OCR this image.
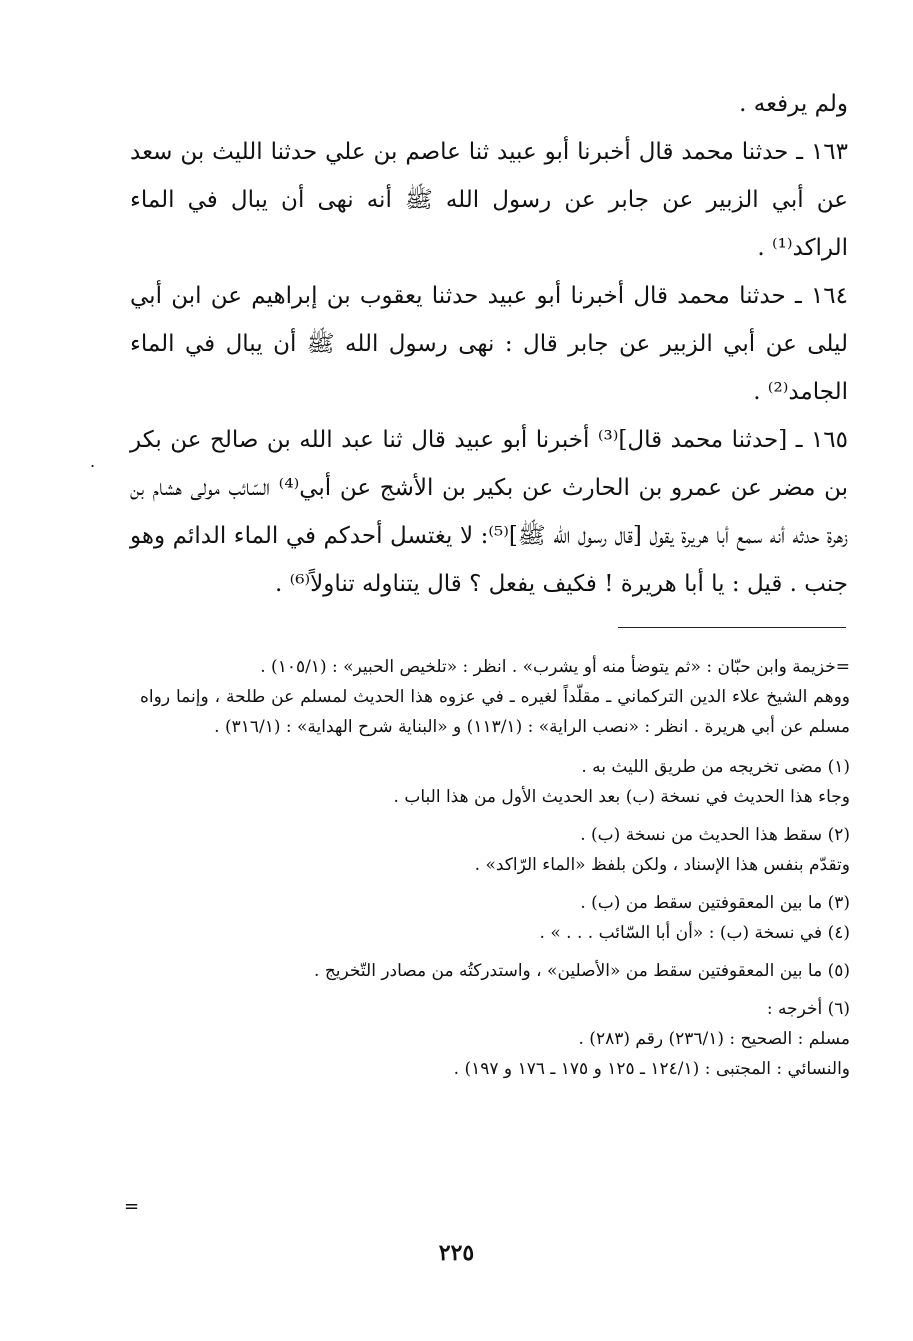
ولم يرفعه .

١٦٣ ـ حدثنا محمد قال أخبرنا أبو عبيد ثنا عاصم بن علي حدثنا الليث بن سعد عن أبي الزبير عن جابر عن رسول الله ﷺ أنه نهى أن يبال في الماء الراكد⁽¹⁾ .

١٦٤ ـ حدثنا محمد قال أخبرنا أبو عبيد حدثنا يعقوب بن إبراهيم عن ابن أبي ليلى عن أبي الزبير عن جابر قال : نهى رسول الله ﷺ أن يبال في الماء الجامد⁽²⁾ .

١٦٥ ـ [حدثنا محمد قال]⁽³⁾ أخبرنا أبو عبيد قال ثنا عبد الله بن صالح عن بكر بن مضر عن عمرو بن الحارث عن بكير بن الأشج عن أبي⁽⁴⁾ السّائب مولى هشام بن زهرة حدثه أنه سمع أبا هريرة يقول [قال رسول الله ﷺ]⁽⁵⁾: لا يغتسل أحدكم في الماء الدائم وهو جنب . قيل : يا أبا هريرة ! فكيف يفعل ؟ قال يتناوله تناولاً⁽⁶⁾ .

=خزيمة وابن حبّان : «ثم يتوضأ منه أو يشرب» . انظر : «تلخيص الحبير» : (١٠٥/١) .

ووهم الشيخ علاء الدين التركماني ـ مقلّداً لغيره ـ في عزوه هذا الحديث لمسلم عن طلحة ، وإنما رواه مسلم عن أبي هريرة . انظر : «نصب الراية» : (١١٣/١) و «البناية شرح الهداية» : (٣١٦/١) .

(١) مضى تخريجه من طريق الليث به .

وجاء هذا الحديث في نسخة (ب) بعد الحديث الأول من هذا الباب .

(٢) سقط هذا الحديث من نسخة (ب) .

وتقدّم بنفس هذا الإسناد ، ولكن بلفظ «الماء الرّاكد» .

(٣) ما بين المعقوفتين سقط من (ب) .

(٤) في نسخة (ب) : «أن أبا السّائب . . . » .

(٥) ما بين المعقوفتين سقط من «الأصلين» ، واستدركتُه من مصادر التّخريج .

(٦) أخرجه :

مسلم : الصحيح : (٢٣٦/١) رقم (٢٨٣) .

والنسائي : المجتبى : (١٢٤/١ ـ ١٢٥ و ١٧٥ ـ ١٧٦ و ١٩٧) .

=
.
٢٢٥
